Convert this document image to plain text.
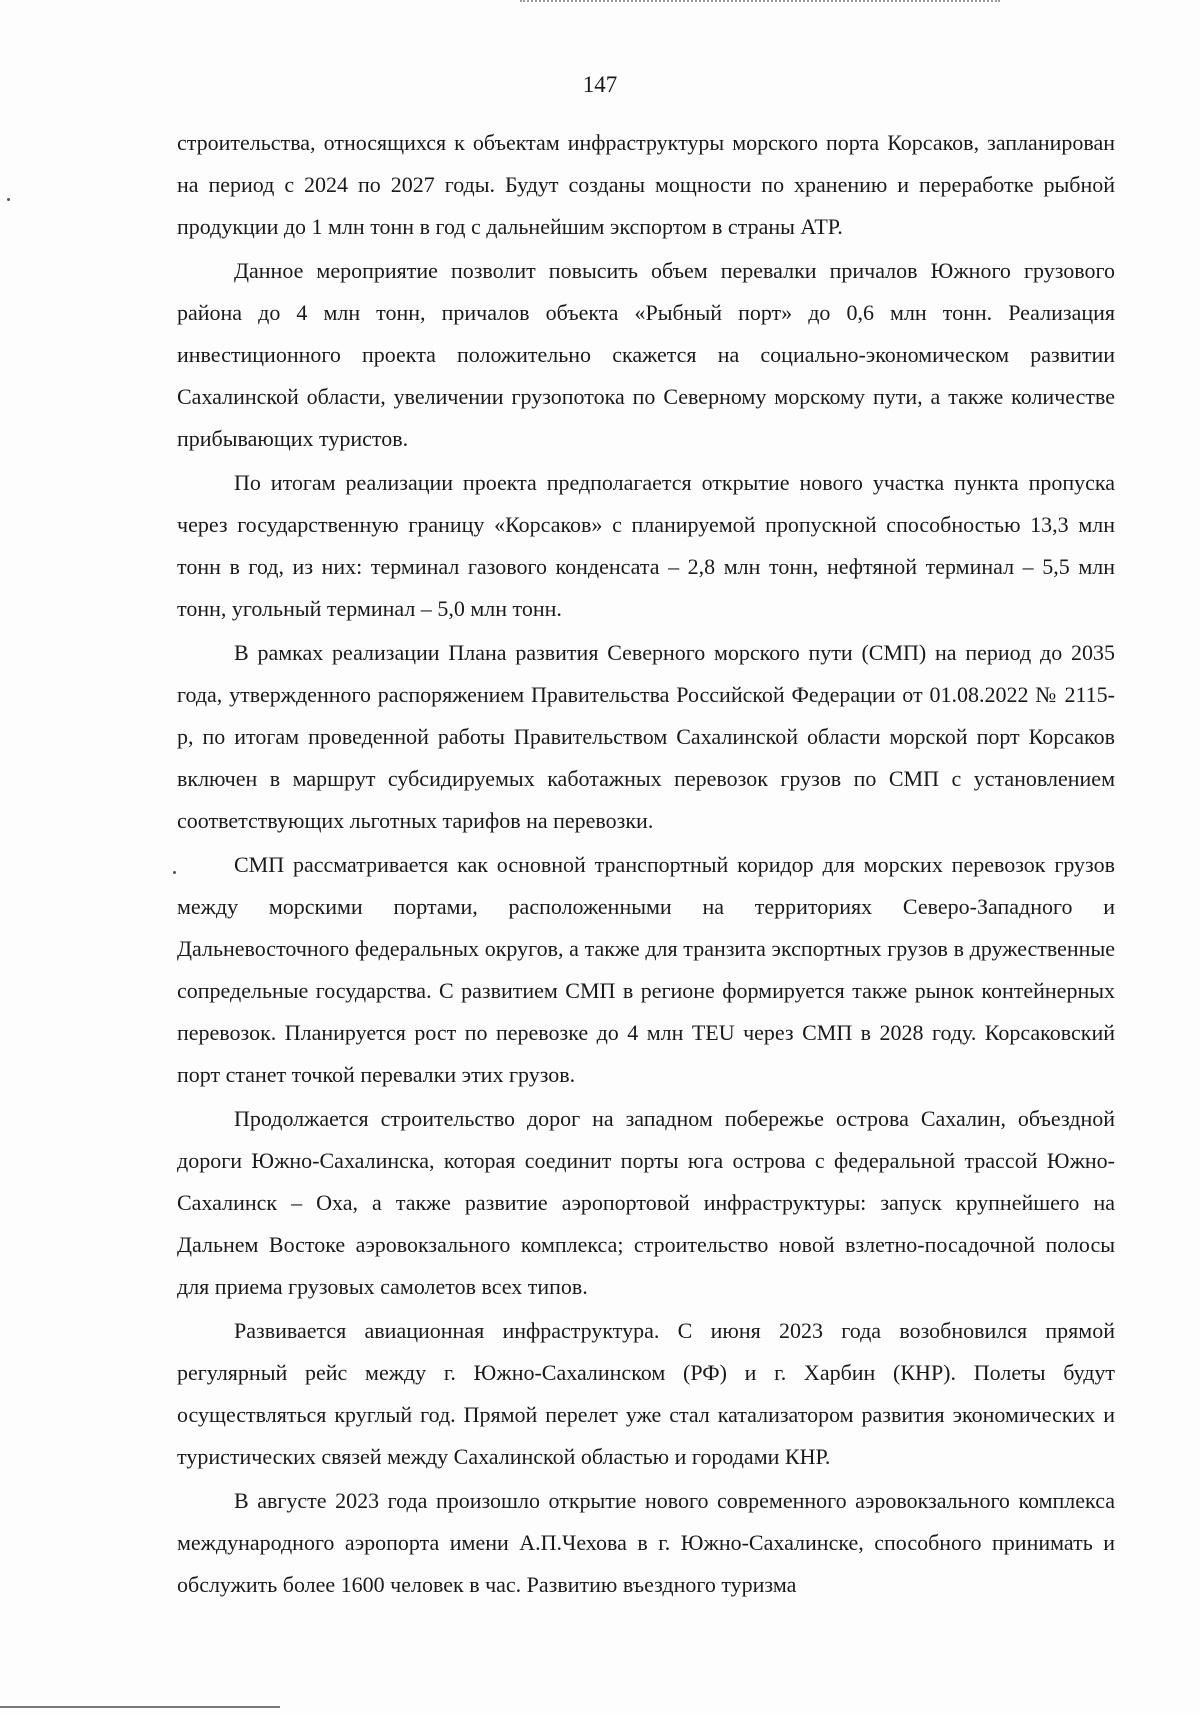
147

строительства, относящихся к объектам инфраструктуры морского порта Корсаков, запланирован на период с 2024 по 2027 годы. Будут созданы мощности по хранению и переработке рыбной продукции до 1 млн тонн в год с дальнейшим экспортом в страны АТР.

Данное мероприятие позволит повысить объем перевалки причалов Южного грузового района до 4 млн тонн, причалов объекта «Рыбный порт» до 0,6 млн тонн. Реализация инвестиционного проекта положительно скажется на социально-экономическом развитии Сахалинской области, увеличении грузопотока по Северному морскому пути, а также количестве прибывающих туристов.

По итогам реализации проекта предполагается открытие нового участка пункта пропуска через государственную границу «Корсаков» с планируемой пропускной способностью 13,3 млн тонн в год, из них: терминал газового конденсата – 2,8 млн тонн, нефтяной терминал – 5,5 млн тонн, угольный терминал – 5,0 млн тонн.

В рамках реализации Плана развития Северного морского пути (СМП) на период до 2035 года, утвержденного распоряжением Правительства Российской Федерации от 01.08.2022 № 2115-р, по итогам проведенной работы Правительством Сахалинской области морской порт Корсаков включен в маршрут субсидируемых каботажных перевозок грузов по СМП с установлением соответствующих льготных тарифов на перевозки.

СМП рассматривается как основной транспортный коридор для морских перевозок грузов между морскими портами, расположенными на территориях Северо-Западного и Дальневосточного федеральных округов, а также для транзита экспортных грузов в дружественные сопредельные государства. С развитием СМП в регионе формируется также рынок контейнерных перевозок. Планируется рост по перевозке до 4 млн TEU через СМП в 2028 году. Корсаковский порт станет точкой перевалки этих грузов.

Продолжается строительство дорог на западном побережье острова Сахалин, объездной дороги Южно-Сахалинска, которая соединит порты юга острова с федеральной трассой Южно-Сахалинск – Оха, а также развитие аэропортовой инфраструктуры: запуск крупнейшего на Дальнем Востоке аэровокзального комплекса; строительство новой взлетно-посадочной полосы для приема грузовых самолетов всех типов.

Развивается авиационная инфраструктура. С июня 2023 года возобновился прямой регулярный рейс между г. Южно-Сахалинском (РФ) и г. Харбин (КНР). Полеты будут осуществляться круглый год. Прямой перелет уже стал катализатором развития экономических и туристических связей между Сахалинской областью и городами КНР.

В августе 2023 года произошло открытие нового современного аэровокзального комплекса международного аэропорта имени А.П.Чехова в г. Южно-Сахалинске, способного принимать и обслужить более 1600 человек в час. Развитию въездного туризма
